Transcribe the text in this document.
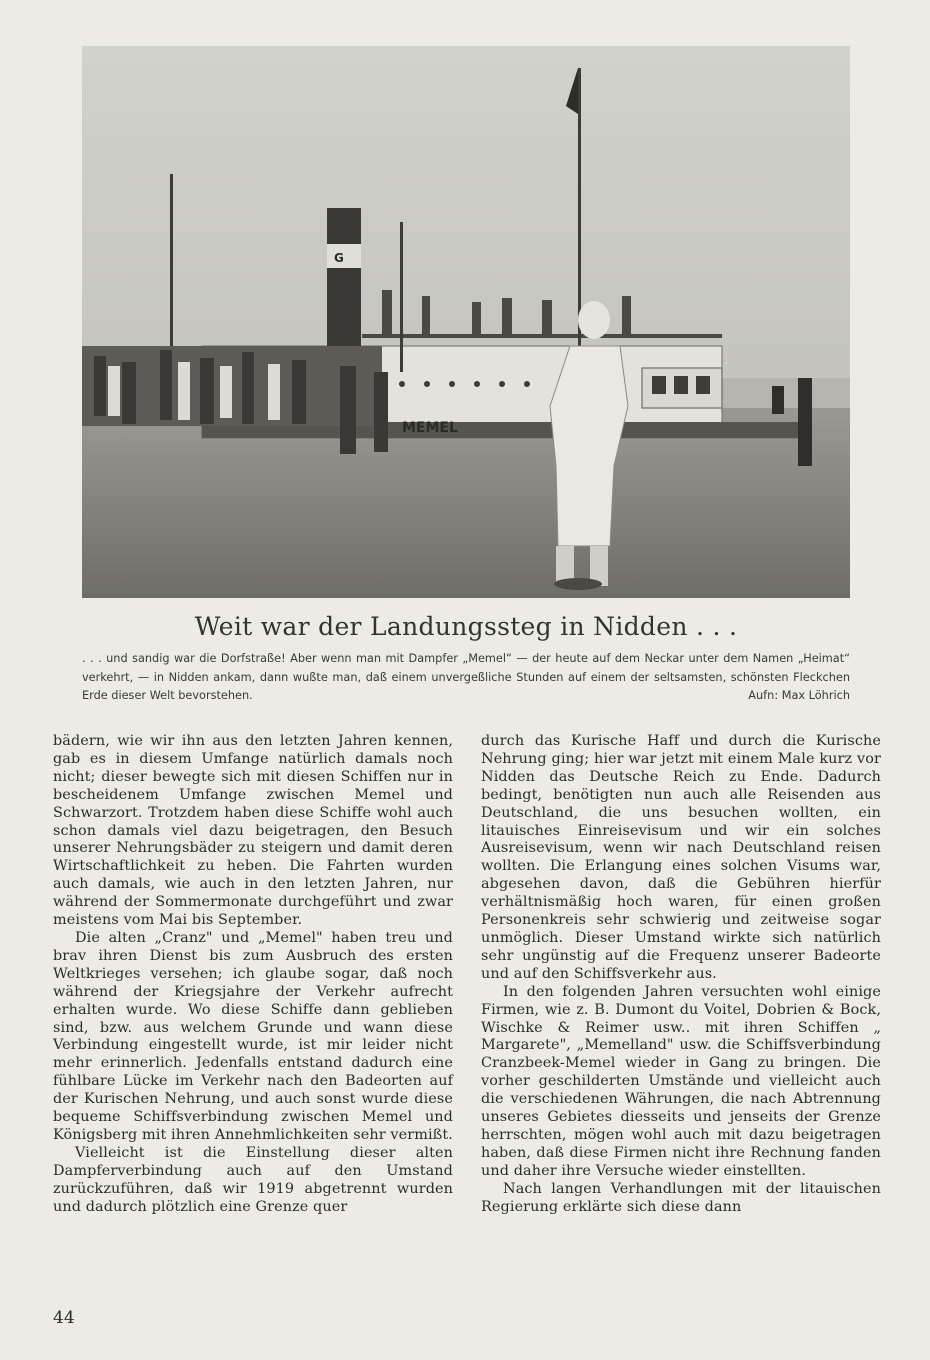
MEMEL
G
Weit war der Landungssteg in Nidden . . .
. . . und sandig war die Dorfstraße! Aber wenn man mit Dampfer „Memel“ — der heute auf dem Neckar unter dem Namen „Heimat“ verkehrt, — in Nidden ankam, dann wußte man, daß einem unvergeßliche Stunden auf einem der seltsamsten, schönsten Fleckchen Erde dieser Welt bevorstehen.	Aufn: Max Löhrich

bädern, wie wir ihn aus den letzten Jahren kennen, gab es in diesem Umfange natürlich damals noch nicht; dieser bewegte sich mit diesen Schiffen nur in bescheidenem Umfange zwischen Memel und Schwarzort. Trotzdem haben diese Schiffe wohl auch schon damals viel dazu beigetragen, den Besuch unserer Nehrungsbäder zu steigern und damit deren Wirtschaftlichkeit zu heben. Die Fahrten wurden auch damals, wie auch in den letzten Jahren, nur während der Sommermonate durchgeführt und zwar meistens vom Mai bis September.

Die alten „Cranz" und „Memel" haben treu und brav ihren Dienst bis zum Ausbruch des ersten Weltkrieges versehen; ich glaube sogar, daß noch während der Kriegsjahre der Verkehr aufrecht erhalten wurde. Wo diese Schiffe dann geblieben sind, bzw. aus welchem Grunde und wann diese Verbindung eingestellt wurde, ist mir leider nicht mehr erinnerlich. Jedenfalls entstand dadurch eine fühlbare Lücke im Verkehr nach den Badeorten auf der Kurischen Nehrung, und auch sonst wurde diese bequeme Schiffsverbindung zwischen Memel und Königsberg mit ihren Annehmlichkeiten sehr vermißt.

Vielleicht ist die Einstellung dieser alten Dampferverbindung auch auf den Umstand zurückzuführen, daß wir 1919 abgetrennt wurden und dadurch plötzlich eine Grenze quer

durch das Kurische Haff und durch die Kurische Nehrung ging; hier war jetzt mit einem Male kurz vor Nidden das Deutsche Reich zu Ende. Dadurch bedingt, benötigten nun auch alle Reisenden aus Deutschland, die uns besuchen wollten, ein litauisches Einreisevisum und wir ein solches Ausreisevisum, wenn wir nach Deutschland reisen wollten. Die Erlangung eines solchen Visums war, abgesehen davon, daß die Gebühren hierfür verhältnismäßig hoch waren, für einen großen Personenkreis sehr schwierig und zeitweise sogar unmöglich. Dieser Umstand wirkte sich natürlich sehr ungünstig auf die Frequenz unserer Badeorte und auf den Schiffsverkehr aus.

In den folgenden Jahren versuchten wohl einige Firmen, wie z. B. Dumont du Voitel, Dobrien & Bock, Wischke & Reimer usw.. mit ihren Schiffen „ Margarete", „Memelland" usw. die Schiffsverbindung Cranzbeek-Memel wieder in Gang zu bringen. Die vorher geschilderten Umstände und vielleicht auch die verschiedenen Währungen, die nach Abtrennung unseres Gebietes diesseits und jenseits der Grenze herrschten, mögen wohl auch mit dazu beigetragen haben, daß diese Firmen nicht ihre Rechnung fanden und daher ihre Versuche wieder einstellten.

Nach langen Verhandlungen mit der litauischen Regierung erklärte sich diese dann

44
